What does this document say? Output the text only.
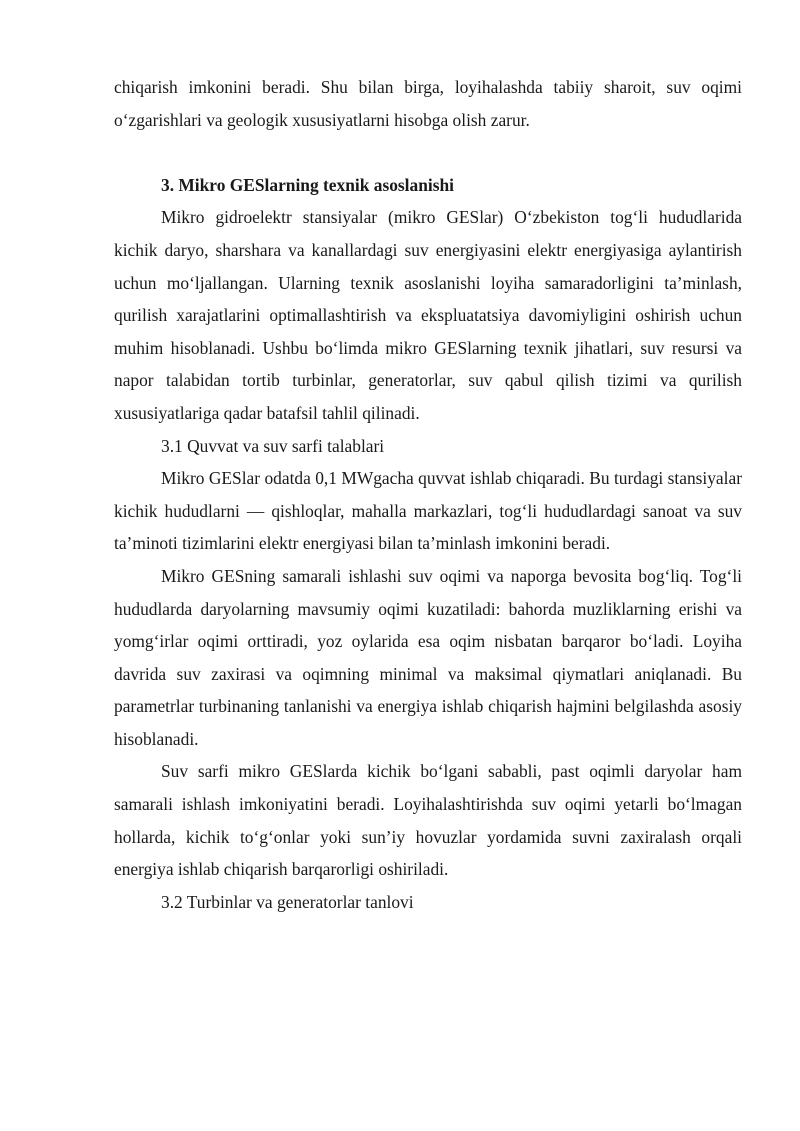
chiqarish imkonini beradi. Shu bilan birga, loyihalashda tabiiy sharoit, suv oqimi o‘zgarishlari va geologik xususiyatlarni hisobga olish zarur.

3. Mikro GESlarning texnik asoslanishi

Mikro gidroelektr stansiyalar (mikro GESlar) O‘zbekiston tog‘li hududlarida kichik daryo, sharshara va kanallardagi suv energiyasini elektr energiyasiga aylantirish uchun mo‘ljallangan. Ularning texnik asoslanishi loyiha samaradorligini ta’minlash, qurilish xarajatlarini optimallashtirish va ekspluatatsiya davomiyligini oshirish uchun muhim hisoblanadi. Ushbu bo‘limda mikro GESlarning texnik jihatlari, suv resursi va napor talabidan tortib turbinlar, generatorlar, suv qabul qilish tizimi va qurilish xususiyatlariga qadar batafsil tahlil qilinadi.

3.1 Quvvat va suv sarfi talablari

Mikro GESlar odatda 0,1 MWgacha quvvat ishlab chiqaradi. Bu turdagi stansiyalar kichik hududlarni — qishloqlar, mahalla markazlari, tog‘li hududlardagi sanoat va suv ta’minoti tizimlarini elektr energiyasi bilan ta’minlash imkonini beradi.

Mikro GESning samarali ishlashi suv oqimi va naporga bevosita bog‘liq. Tog‘li hududlarda daryolarning mavsumiy oqimi kuzatiladi: bahorda muzliklarning erishi va yomg‘irlar oqimi orttiradi, yoz oylarida esa oqim nisbatan barqaror bo‘ladi. Loyiha davrida suv zaxirasi va oqimning minimal va maksimal qiymatlari aniqlanadi. Bu parametrlar turbinaning tanlanishi va energiya ishlab chiqarish hajmini belgilashda asosiy hisoblanadi.

Suv sarfi mikro GESlarda kichik bo‘lgani sababli, past oqimli daryolar ham samarali ishlash imkoniyatini beradi. Loyihalashtirishda suv oqimi yetarli bo‘lmagan hollarda, kichik to‘g‘onlar yoki sun’iy hovuzlar yordamida suvni zaxiralash orqali energiya ishlab chiqarish barqarorligi oshiriladi.

3.2 Turbinlar va generatorlar tanlovi
